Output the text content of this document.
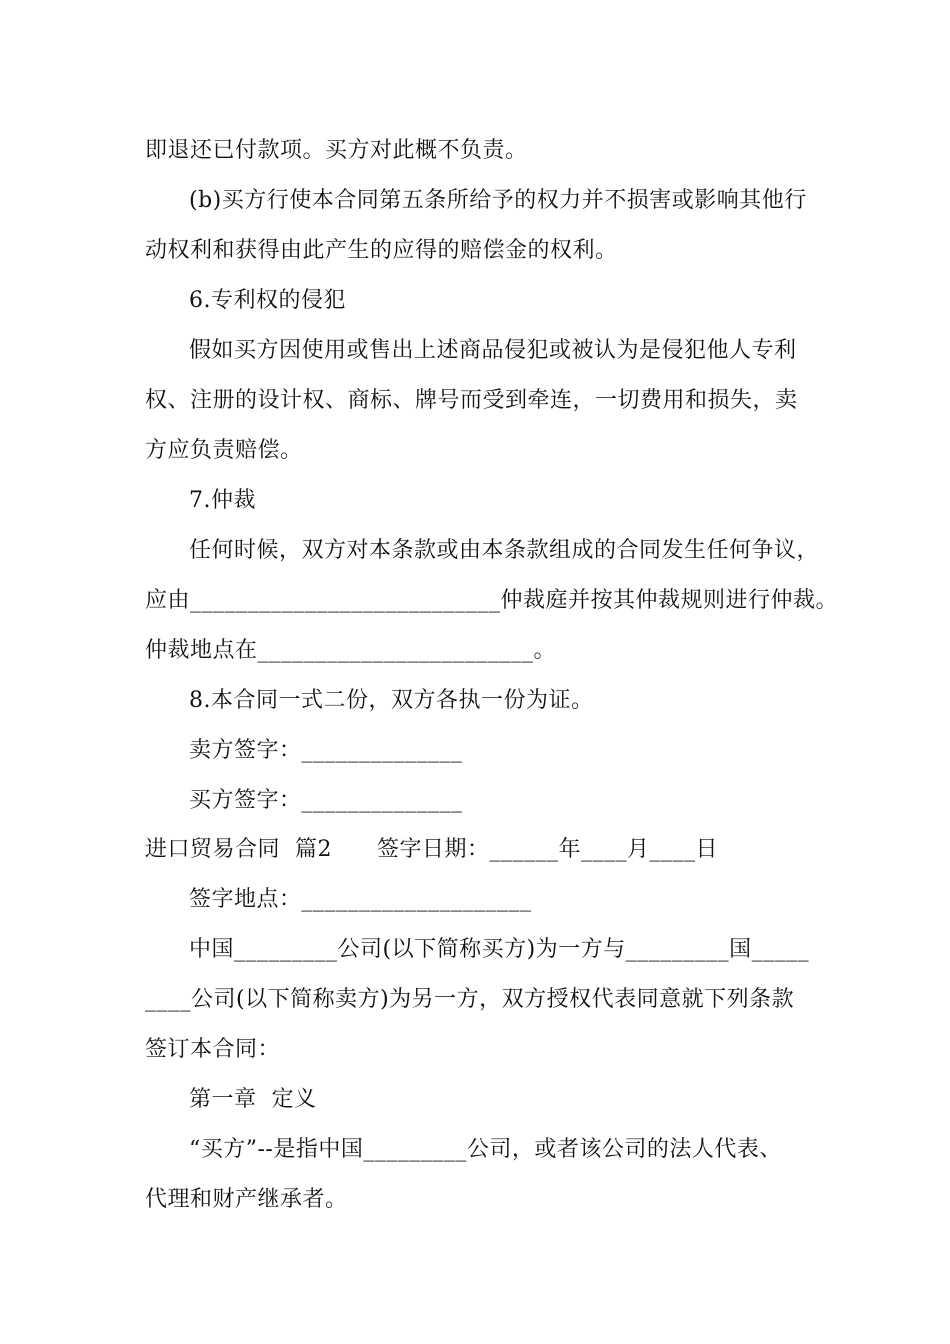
即退还已付款项。买方对此概不负责。
(b)买方行使本合同第五条所给予的权力并不损害或影响其他行
动权利和获得由此产生的应得的赔偿金的权利。
6.专利权的侵犯
假如买方因使用或售出上述商品侵犯或被认为是侵犯他人专利
权、注册的设计权、商标、牌号而受到牵连，一切费用和损失，卖
方应负责赔偿。
7.仲裁
任何时候，双方对本条款或由本条款组成的合同发生任何争议，
应由___________________________仲裁庭并按其仲裁规则进行仲裁。
仲裁地点在________________________。
8.本合同一式二份，双方各执一份为证。
卖方签字：______________
买方签字：______________
进口贸易合同  篇2      签字日期：______年____月____日
签字地点：____________________
中国_________公司(以下简称买方)为一方与_________国_____
____公司(以下简称卖方)为另一方，双方授权代表同意就下列条款
签订本合同：
第一章  定义
“买方”--是指中国_________公司，或者该公司的法人代表、
代理和财产继承者。
